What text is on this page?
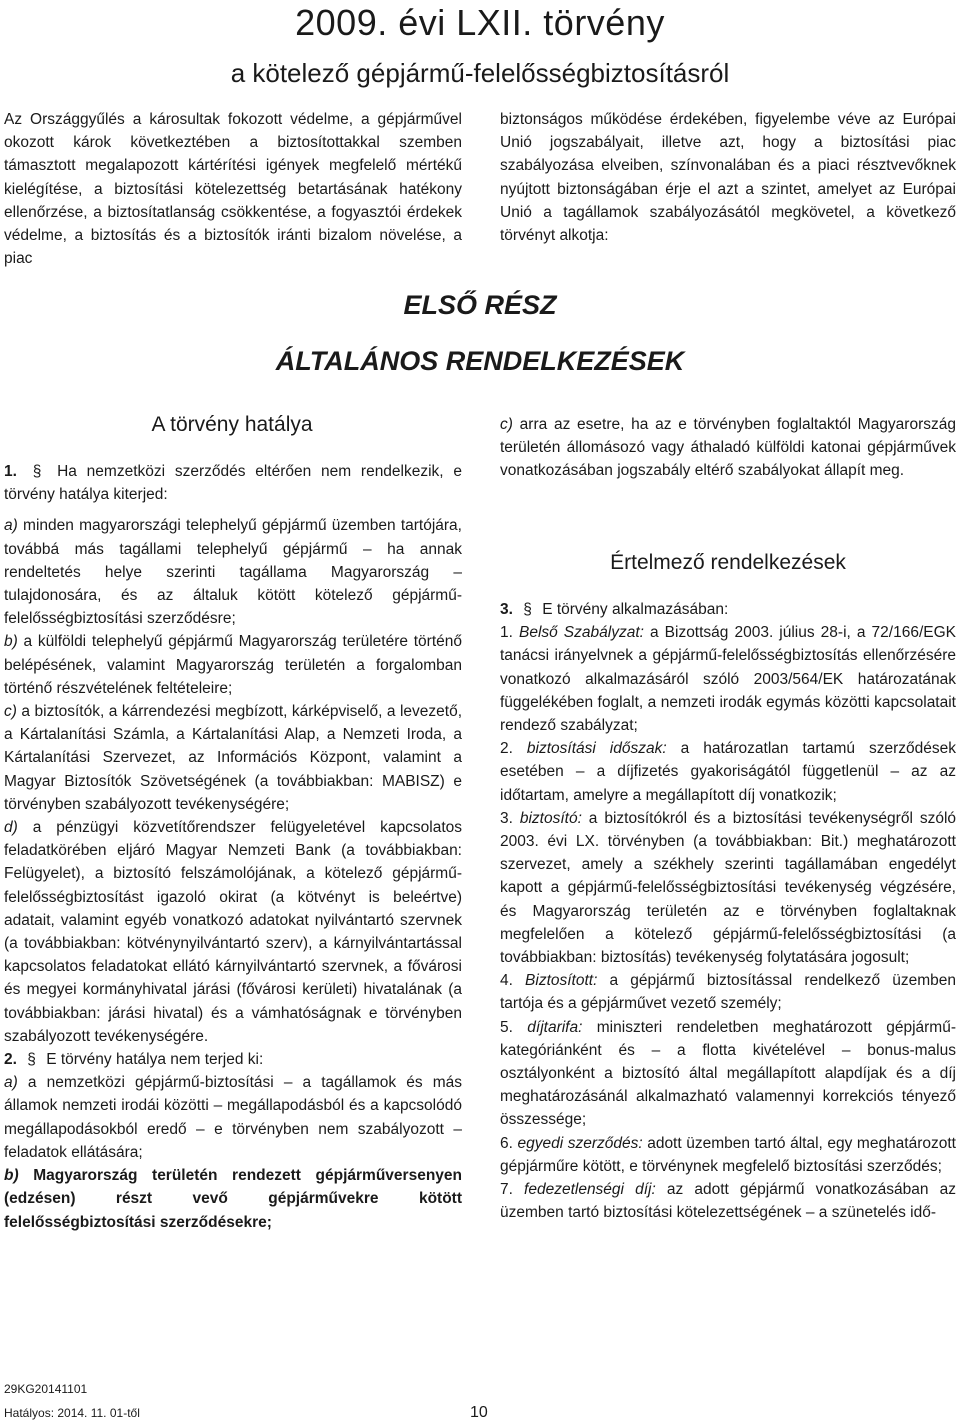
2009. évi LXII. törvény
a kötelező gépjármű-felelősségbiztosításról

Az Országgyűlés a károsultak fokozott védelme, a gépjárművel okozott károk következtében a biztosítottakkal szemben támasztott megalapozott kártérítési igények megfelelő mértékű kielégítése, a biztosítási kötelezettség betartásának hatékony ellenőrzése, a biztosítatlanság csökkentése, a fogyasztói érdekek védelme, a biztosítás és a biztosítók iránti bizalom növelése, a piac

biztonságos működése érdekében, figyelembe véve az Európai Unió jogszabályait, illetve azt, hogy a biztosítási piac szabályozása elveiben, színvonalában és a piaci résztvevőknek nyújtott biztonságában érje el azt a szintet, amelyet az Európai Unió a tagállamok szabályozásától megkövetel, a következő törvényt alkotja:

ELSŐ RÉSZ
ÁLTALÁNOS RENDELKEZÉSEK
A törvény hatálya

1. § Ha nemzetközi szerződés eltérően nem rendelkezik, e törvény hatálya kiterjed:

a) minden magyarországi telephelyű gépjármű üzemben tartójára, továbbá más tagállami telephelyű gépjármű – ha annak rendeltetés helye szerinti tagállama Magyarország – tulajdonosára, és az általuk kötött kötelező gépjármű-felelősségbiztosítási szerződésre;

b) a külföldi telephelyű gépjármű Magyarország területére történő belépésének, valamint Magyarország területén a forgalomban történő részvételének feltételeire;

c) a biztosítók, a kárrendezési megbízott, kárképviselő, a levezető, a Kártalanítási Számla, a Kártalanítási Alap, a Nemzeti Iroda, a Kártalanítási Szervezet, az Információs Központ, valamint a Magyar Biztosítók Szövetségének (a továbbiakban: MABISZ) e törvényben szabályozott tevékenységére;

d) a pénzügyi közvetítőrendszer felügyeletével kapcsolatos feladatkörében eljáró Magyar Nemzeti Bank (a továbbiakban: Felügyelet), a biztosító felszámolójának, a kötelező gépjármű-felelősségbiztosítást igazoló okirat (a kötvényt is beleértve) adatait, valamint egyéb vonatkozó adatokat nyilvántartó szervnek (a továbbiakban: kötvénynyilvántartó szerv), a kárnyilvántartással kapcsolatos feladatokat ellátó kárnyilvántartó szervnek, a fővárosi és megyei kormányhivatal járási (fővárosi kerületi) hivatalának (a továbbiakban: járási hivatal) és a vámhatóságnak e törvényben szabályozott tevékenységére.

2. § E törvény hatálya nem terjed ki:

a) a nemzetközi gépjármű-biztosítási – a tagállamok és más államok nemzeti irodái közötti – megállapodásból és a kapcsolódó megállapodásokból eredő – e törvényben nem szabályozott – feladatok ellátására;

b) Magyarország területén rendezett gépjárműversenyen (edzésen) részt vevő gépjárművekre kötött felelősségbiztosítási szerződésekre;

c) arra az esetre, ha az e törvényben foglaltaktól Magyarország területén állomásozó vagy áthaladó külföldi katonai gépjárművek vonatkozásában jogszabály eltérő szabályokat állapít meg.

Értelmező rendelkezések

3. § E törvény alkalmazásában:

1. Belső Szabályzat: a Bizottság 2003. július 28-i, a 72/166/EGK tanácsi irányelvnek a gépjármű-felelősségbiztosítás ellenőrzésére vonatkozó alkalmazásáról szóló 2003/564/EK határozatának függelékében foglalt, a nemzeti irodák egymás közötti kapcsolatait rendező szabályzat;

2. biztosítási időszak: a határozatlan tartamú szerződések esetében – a díjfizetés gyakoriságától függetlenül – az az időtartam, amelyre a megállapított díj vonatkozik;

3. biztosító: a biztosítókról és a biztosítási tevékenységről szóló 2003. évi LX. törvényben (a továbbiakban: Bit.) meghatározott szervezet, amely a székhely szerinti tagállamában engedélyt kapott a gépjármű-felelősségbiztosítási tevékenység végzésére, és Magyarország területén az e törvényben foglaltaknak megfelelően a kötelező gépjármű-felelősségbiztosítási (a továbbiakban: biztosítás) tevékenység folytatására jogosult;

4. Biztosított: a gépjármű biztosítással rendelkező üzemben tartója és a gépjárművet vezető személy;

5. díjtarifa: miniszteri rendeletben meghatározott gépjármű-kategóriánként és – a flotta kivételével – bonus-malus osztályonként a biztosító által megállapított alapdíjak és a díj meghatározásánál alkalmazható valamennyi korrekciós tényező összessége;

6. egyedi szerződés: adott üzemben tartó által, egy meghatározott gépjárműre kötött, e törvénynek megfelelő biztosítási szerződés;

7. fedezetlenségi díj: az adott gépjármű vonatkozásában az üzemben tartó biztosítási kötelezettségének – a szünetelés idő-

29KG20141101
Hatályos: 2014. 11. 01-től	10
